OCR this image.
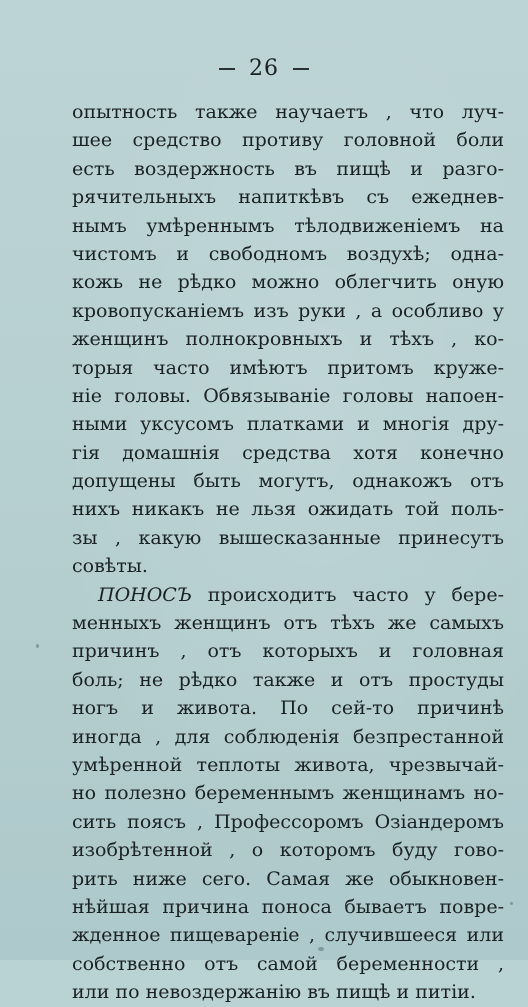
26
опытность также научаетъ , что луч-
шее средство противу головной боли
есть воздержность въ пищѣ и разго-
рячительныхъ напиткѣвъ съ ежеднев-
нымъ умѣреннымъ тѣлодвиженіемъ на
чистомъ и свободномъ воздухѣ; одна-
кожь не рѣдко можно облегчить оную
кровопусканіемъ изъ руки , а особливо у
женщинъ полнокровныхъ и тѣхъ , ко-
торыя часто имѣютъ притомъ круже-
ніе головы. Обвязываніе головы напоен-
ными уксусомъ платками и многія дру-
гія домашнія средства хотя конечно
допущены быть могутъ, однакожъ отъ
нихъ никакъ не льзя ожидать той поль-
зы , какую вышесказанные принесутъ
совѣты.
ПОНОСЪ происходитъ часто у бере-
менныхъ женщинъ отъ тѣхъ же самыхъ
причинъ , отъ которыхъ и головная
боль; не рѣдко также и отъ простуды
ногъ и живота. По сей-то причинѣ
иногда , для соблюденія безпрестанной
умѣренной теплоты живота, чрезвычай-
но полезно беременнымъ женщинамъ но-
сить поясъ , Профессоромъ Озіандеромъ
изобрѣтенной , о которомъ буду гово-
рить ниже сего. Самая же обыкновен-
нѣйшая причина поноса бываетъ повре-
жденное пищевареніе , случившееся или
собственно отъ самой беременности ,
или по невоздержанію въ пищѣ и питіи.
